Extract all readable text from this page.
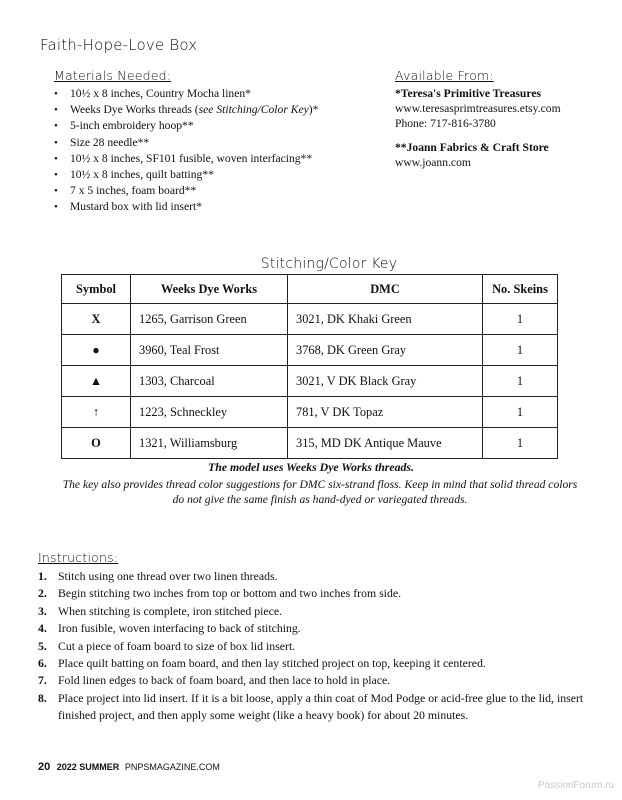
Faith-Hope-Love Box
Materials Needed:
• 10½ x 8 inches, Country Mocha linen*
• Weeks Dye Works threads (see Stitching/Color Key)*
• 5-inch embroidery hoop**
• Size 28 needle**
• 10½ x 8 inches, SF101 fusible, woven interfacing**
• 10½ x 8 inches, quilt batting**
• 7 x 5 inches, foam board**
• Mustard box with lid insert*
Available From:
*Teresa's Primitive Treasures
www.teresasprimtreasures.etsy.com
Phone: 717-816-3780
**Joann Fabrics & Craft Store
www.joann.com
Stitching/Color Key
Symbol	Weeks Dye Works	DMC	No. Skeins
X	1265, Garrison Green	3021, DK Khaki Green	1
●	3960, Teal Frost	3768, DK Green Gray	1
▲	1303, Charcoal	3021, V DK Black Gray	1
↑	1223, Schneckley	781, V DK Topaz	1
O	1321, Williamsburg	315, MD DK Antique Mauve	1
The model uses Weeks Dye Works threads.
The key also provides thread color suggestions for DMC six-strand floss. Keep in mind that solid thread colors do not give the same finish as hand-dyed or variegated threads.
Instructions:
1. Stitch using one thread over two linen threads.
2. Begin stitching two inches from top or bottom and two inches from side.
3. When stitching is complete, iron stitched piece.
4. Iron fusible, woven interfacing to back of stitching.
5. Cut a piece of foam board to size of box lid insert.
6. Place quilt batting on foam board, and then lay stitched project on top, keeping it centered.
7. Fold linen edges to back of foam board, and then lace to hold in place.
8. Place project into lid insert. If it is a bit loose, apply a thin coat of Mod Podge or acid-free glue to the lid, insert finished project, and then apply some weight (like a heavy book) for about 20 minutes.
20 2022 SUMMER PNPSMAGAZINE.COM
PassionForum.ru
